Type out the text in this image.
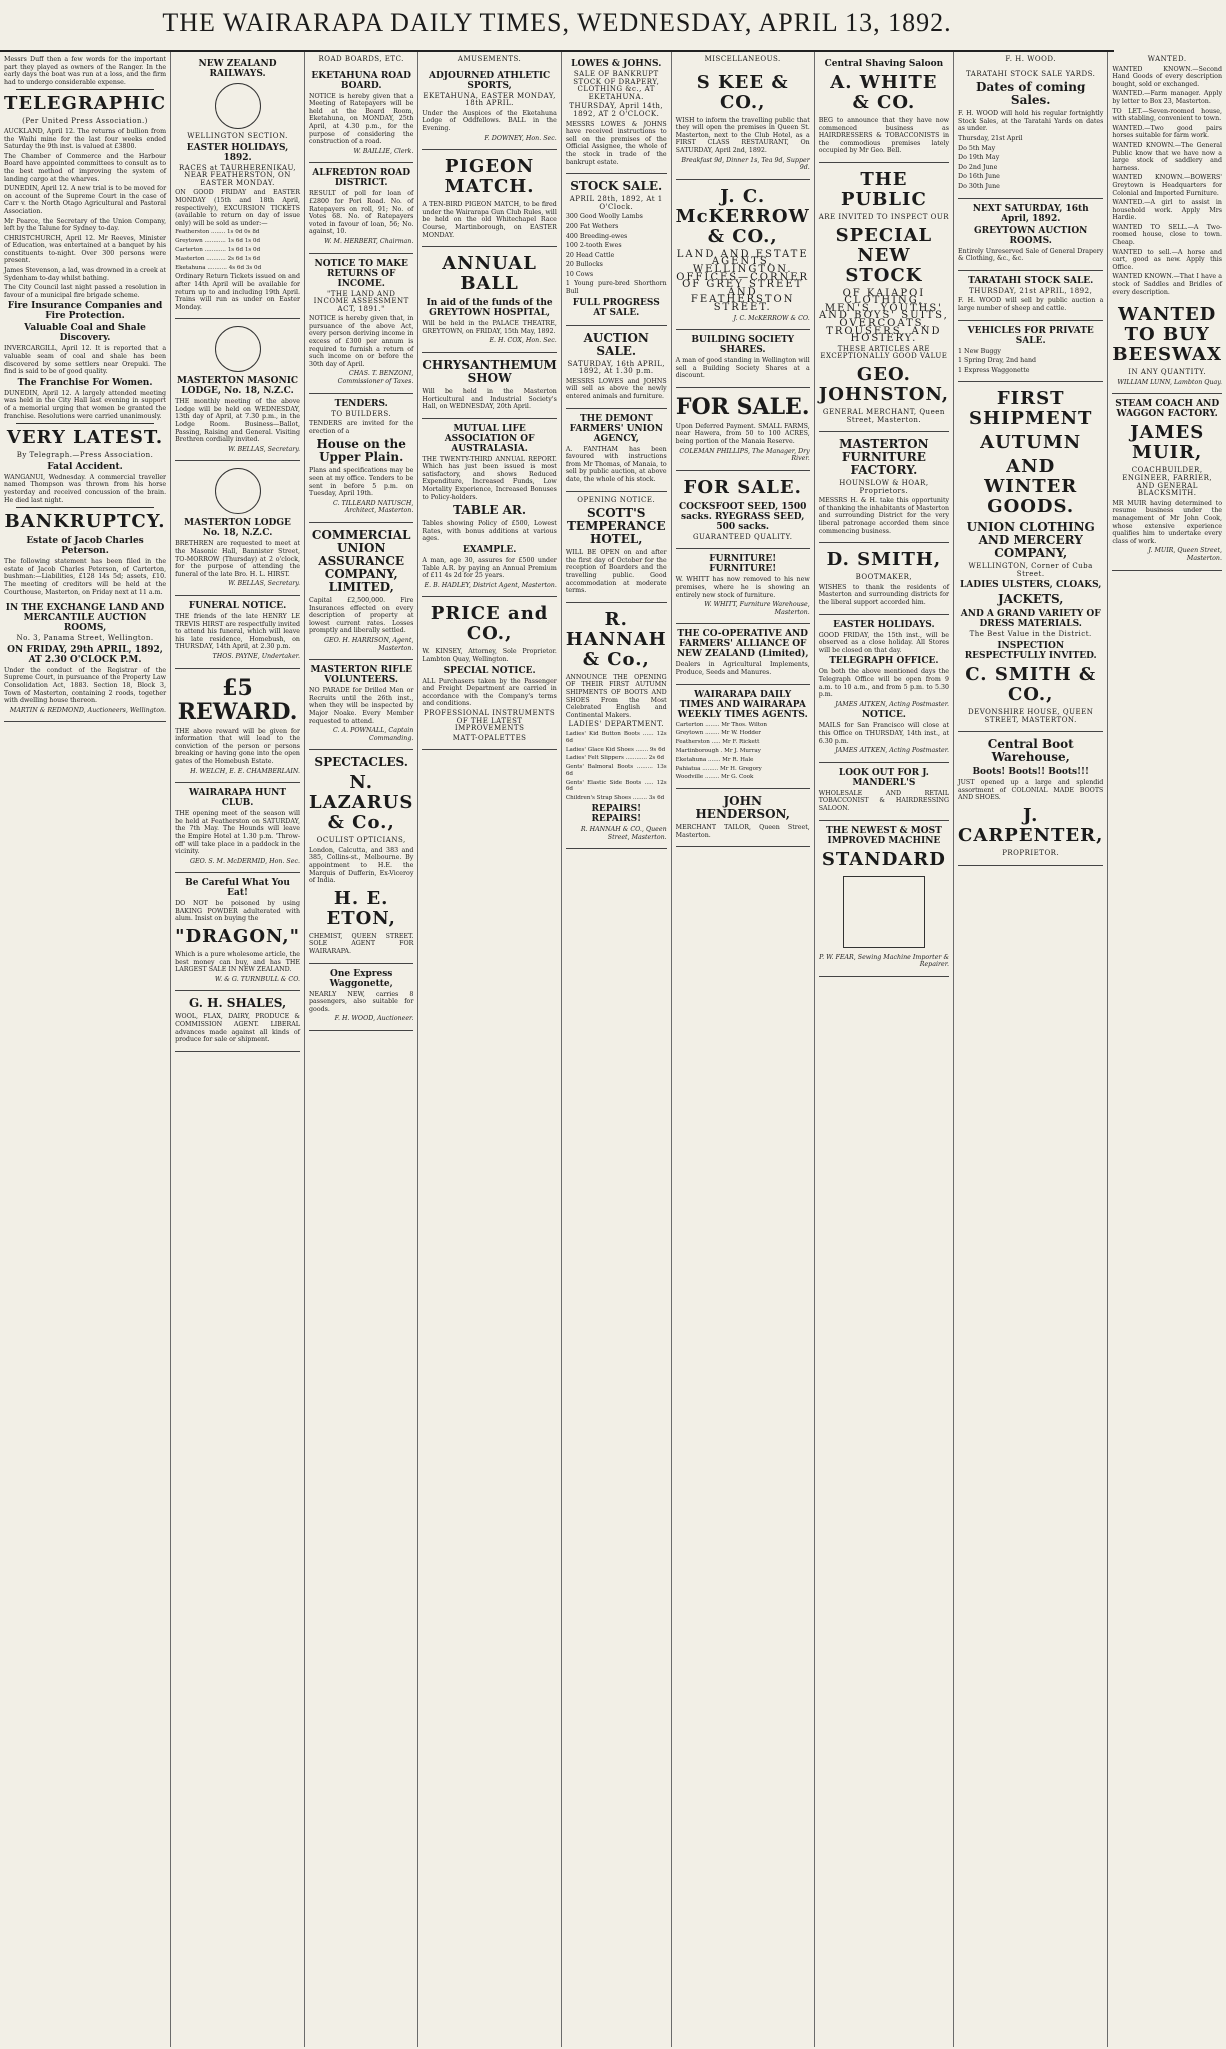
THE WAIRARAPA DAILY TIMES, WEDNESDAY, APRIL 13, 1892.
Messrs Duff then a few words for the important part they played as owners of the Ranger. In the early days the boat was run at a loss, and the firm had to undergo considerable expense.
TELEGRAPHIC
(Per United Press Association.)
AUCKLAND, April 12. The returns of bullion from the Waihi mine for the last four weeks ended Saturday the 9th inst. is valued at £3800.
The Chamber of Commerce and the Harbour Board have appointed committees to consult as to the best method of improving the system of landing cargo at the wharves.
DUNEDIN, April 12. A new trial is to be moved for on account of the Supreme Court in the case of Carr v. the North Otago Agricultural and Pastoral Association.
Mr Pearce, the Secretary of the Union Company, left by the Talune for Sydney to-day.
CHRISTCHURCH, April 12. Mr Reeves, Minister of Education, was entertained at a banquet by his constituents to-night. Over 300 persons were present.
James Stevenson, a lad, was drowned in a creek at Sydenham to-day whilst bathing.
The City Council last night passed a resolution in favour of a municipal fire brigade scheme.
Fire Insurance Companies and Fire Protection.
Valuable Coal and Shale Discovery.
INVERCARGILL, April 12. It is reported that a valuable seam of coal and shale has been discovered by some settlers near Orepuki. The find is said to be of good quality.
The Franchise For Women.
DUNEDIN, April 12. A largely attended meeting was held in the City Hall last evening in support of a memorial urging that women be granted the franchise. Resolutions were carried unanimously.
VERY LATEST.
By Telegraph.—Press Association.
Fatal Accident.
WANGANUI, Wednesday. A commercial traveller named Thompson was thrown from his horse yesterday and received concussion of the brain. He died last night.
BANKRUPTCY.
Estate of Jacob Charles Peterson.
The following statement has been filed in the estate of Jacob Charles Peterson, of Carterton, bushman:—Liabilities, £128 14s 5d; assets, £10. The meeting of creditors will be held at the Courthouse, Masterton, on Friday next at 11 a.m.
IN THE EXCHANGE LAND AND MERCANTILE AUCTION ROOMS,
No. 3, Panama Street, Wellington.
ON FRIDAY, 29th APRIL, 1892, AT 2.30 O'CLOCK P.M.
Under the conduct of the Registrar of the Supreme Court, in pursuance of the Property Law Consolidation Act, 1883. Section 18, Block 3, Town of Masterton, containing 2 roods, together with dwelling house thereon.
MARTIN & REDMOND, Auctioneers, Wellington.
NEW ZEALAND RAILWAYS.
WELLINGTON SECTION.
EASTER HOLIDAYS, 1892.
RACES at TAURHERENIKAU, NEAR FEATHERSTON, ON EASTER MONDAY.
ON GOOD FRIDAY and EASTER MONDAY (15th and 18th April, respectively), EXCURSION TICKETS (available to return on day of issue only) will be sold as under:—
Featherston ........ 1s 0d 0s 8d
Greytown ............ 1s 6d 1s 0d
Carterton ............ 1s 6d 1s 0d
Masterton ........... 2s 6d 1s 6d
Eketahuna ........... 4s 6d 3s 0d
Ordinary Return Tickets issued on and after 14th April will be available for return up to and including 19th April. Trains will run as under on Easter Monday.
MASTERTON MASONIC LODGE, No. 18, N.Z.C.
THE monthly meeting of the above Lodge will be held on WEDNESDAY, 13th day of April, at 7.30 p.m., in the Lodge Room. Business—Ballot, Passing, Raising and General. Visiting Brethren cordially invited.
W. BELLAS, Secretary.
MASTERTON LODGE No. 18, N.Z.C.
BRETHREN are requested to meet at the Masonic Hall, Bannister Street, TO-MORROW (Thursday) at 2 o'clock, for the purpose of attending the funeral of the late Bro. H. L. HIRST.
W. BELLAS, Secretary.
FUNERAL NOTICE.
THE friends of the late HENRY LE TREVIS HIRST are respectfully invited to attend his funeral, which will leave his late residence, Homebush, on THURSDAY, 14th April, at 2.30 p.m.
THOS. PAYNE, Undertaker.
£5 REWARD.
THE above reward will be given for information that will lead to the conviction of the person or persons breaking or having gone into the open gates of the Homebush Estate.
H. WELCH, E. E. CHAMBERLAIN.
WAIRARAPA HUNT CLUB.
THE opening meet of the season will be held at Featherston on SATURDAY, the 7th May. The Hounds will leave the Empire Hotel at 1.30 p.m. 'Throw-off' will take place in a paddock in the vicinity.
GEO. S. M. McDERMID, Hon. Sec.
Be Careful What You Eat!
DO NOT be poisoned by using BAKING POWDER adulterated with alum. Insist on buying the
"DRAGON,"
Which is a pure wholesome article, the best money can buy, and has THE LARGEST SALE IN NEW ZEALAND.
W. & G. TURNBULL & CO.
G. H. SHALES,
WOOL, FLAX, DAIRY, PRODUCE & COMMISSION AGENT. LIBERAL advances made against all kinds of produce for sale or shipment.
ROAD BOARDS, ETC.
EKETAHUNA ROAD BOARD.
NOTICE is hereby given that a Meeting of Ratepayers will be held at the Board Room, Eketahuna, on MONDAY, 25th April, at 4.30 p.m., for the purpose of considering the construction of a road.
W. BAILLIE, Clerk.
ALFREDTON ROAD DISTRICT.
RESULT of poll for loan of £2800 for Pori Road. No. of Ratepayers on roll, 91; No. of Votes 68. No. of Ratepayers voted in favour of loan, 56; No. against, 10.
W. M. HERBERT, Chairman.
NOTICE TO MAKE RETURNS OF INCOME.
"THE LAND AND INCOME ASSESSMENT ACT, 1891."
NOTICE is hereby given that, in pursuance of the above Act, every person deriving income in excess of £300 per annum is required to furnish a return of such income on or before the 30th day of April.
CHAS. T. BENZONI, Commissioner of Taxes.
TENDERS.
TO BUILDERS.
TENDERS are invited for the erection of a
House on the Upper Plain.
Plans and specifications may be seen at my office. Tenders to be sent in before 5 p.m. on Tuesday, April 19th.
C. TILLEARD NATUSCH, Architect, Masterton.
COMMERCIAL UNION ASSURANCE COMPANY, LIMITED,
Capital £2,500,000. Fire Insurances effected on every description of property at lowest current rates. Losses promptly and liberally settled.
GEO. H. HARRISON, Agent, Masterton.
MASTERTON RIFLE VOLUNTEERS.
NO PARADE for Drilled Men or Recruits until the 26th inst., when they will be inspected by Major Noake. Every Member requested to attend.
C. A. POWNALL, Captain Commanding.
SPECTACLES.
N. LAZARUS & Co.,
OCULIST OPTICIANS,
London, Calcutta, and 383 and 385, Collins-st., Melbourne. By appointment to H.E. the Marquis of Dufferin, Ex-Viceroy of India.
H. E. ETON,
CHEMIST, QUEEN STREET. SOLE AGENT FOR WAIRARAPA.
One Express Waggonette,
NEARLY NEW, carries 8 passengers, also suitable for goods.
F. H. WOOD, Auctioneer.
AMUSEMENTS.
ADJOURNED ATHLETIC SPORTS,
EKETAHUNA, EASTER MONDAY, 18th APRIL.
Under the Auspices of the Eketahuna Lodge of Oddfellows. BALL in the Evening.
F. DOWNEY, Hon. Sec.
PIGEON MATCH.
A TEN-BIRD PIGEON MATCH, to be fired under the Wairarapa Gun Club Rules, will be held on the old Whitechapel Race Course, Martinborough, on EASTER MONDAY.
ANNUAL BALL
In aid of the funds of the GREYTOWN HOSPITAL,
Will be held in the PALACE THEATRE, GREYTOWN, on FRIDAY, 15th May, 1892.
E. H. COX, Hon. Sec.
CHRYSANTHEMUM SHOW
Will be held in the Masterton Horticultural and Industrial Society's Hall, on WEDNESDAY, 20th April.
MUTUAL LIFE ASSOCIATION OF AUSTRALASIA.
THE TWENTY-THIRD ANNUAL REPORT. Which has just been issued is most satisfactory, and shows Reduced Expenditure, Increased Funds, Low Mortality Experience, Increased Bonuses to Policy-holders.
TABLE AR.
Tables showing Policy of £500, Lowest Rates, with bonus additions at various ages.
EXAMPLE.
A man, age 30, assures for £500 under Table A.R. by paying an Annual Premium of £11 4s 2d for 25 years.
E. B. HADLEY, District Agent, Masterton.
PRICE and CO.,
W. KINSEY, Attorney, Sole Proprietor. Lambton Quay, Wellington.
SPECIAL NOTICE.
ALL Purchasers taken by the Passenger and Freight Department are carried in accordance with the Company's terms and conditions.
PROFESSIONAL INSTRUMENTS OF THE LATEST IMPROVEMENTS
MATT-OPALETTES
LOWES & JOHNS.
SALE OF BANKRUPT STOCK OF DRAPERY, CLOTHING &c., AT EKETAHUNA.
THURSDAY, April 14th, 1892, AT 2 O'CLOCK.
MESSRS LOWES & JOHNS have received instructions to sell on the premises of the Official Assignee, the whole of the stock in trade of the bankrupt estate.
STOCK SALE.
APRIL 28th, 1892, At 1 O'Clock.
300 Good Woolly Lambs
200 Fat Wethers
400 Breeding-ewes
100 2-tooth Ewes
20 Head Cattle
20 Bullocks
10 Cows
1 Young pure-bred Shorthorn Bull
FULL PROGRESS AT SALE.
AUCTION SALE.
SATURDAY, 16th APRIL, 1892, At 1.30 p.m.
MESSRS LOWES and JOHNS will sell as above the newly entered animals and furniture.
THE DEMONT FARMERS' UNION AGENCY,
A. FANTHAM has been favoured with instructions from Mr Thomas, of Manaia, to sell by public auction, at above date, the whole of his stock.
OPENING NOTICE.
SCOTT'S TEMPERANCE HOTEL,
WILL BE OPEN on and after the first day of October for the reception of Boarders and the travelling public. Good accommodation at moderate terms.
R. HANNAH & Co.,
ANNOUNCE THE OPENING OF THEIR FIRST AUTUMN SHIPMENTS OF BOOTS AND SHOES From the Most Celebrated English and Continental Makers.
LADIES' DEPARTMENT.
Ladies' Kid Button Boots ...... 12s 6d
Ladies' Glace Kid Shoes ....... 9s 6d
Ladies' Felt Slippers ............ 2s 6d
Gents' Balmoral Boots ......... 13s 6d
Gents' Elastic Side Boots ..... 12s 6d
Children's Strap Shoes ........ 3s 6d
REPAIRS! REPAIRS!
R. HANNAH & CO., Queen Street, Masterton.
MISCELLANEOUS.
S KEE & CO.,
WISH to inform the travelling public that they will open the premises in Queen St. Masterton, next to the Club Hotel, as a FIRST CLASS RESTAURANT, On SATURDAY, April 2nd, 1892.
Breakfast 9d, Dinner 1s, Tea 9d, Supper 9d.
J. C. McKERROW & CO.,
LAND AND ESTATE AGENTS, WELLINGTON. OFFICES—CORNER OF GREY STREET AND FEATHERSTON STREET.
J. C. McKERROW & CO.
BUILDING SOCIETY SHARES.
A man of good standing in Wellington will sell a Building Society Shares at a discount.
FOR SALE.
Upon Deferred Payment. SMALL FARMS, near Hawera, from 50 to 100 ACRES, being portion of the Manaia Reserve.
COLEMAN PHILLIPS, The Manager, Dry River.
FOR SALE.
COCKSFOOT SEED, 1500 sacks. RYEGRASS SEED, 500 sacks.
GUARANTEED QUALITY.
FURNITURE! FURNITURE!
W. WHITT has now removed to his new premises, where he is showing an entirely new stock of furniture.
W. WHITT, Furniture Warehouse, Masterton.
THE CO-OPERATIVE AND FARMERS' ALLIANCE OF NEW ZEALAND (Limited),
Dealers in Agricultural Implements, Produce, Seeds and Manures.
WAIRARAPA DAILY TIMES AND WAIRARAPA WEEKLY TIMES AGENTS.
Carterton ........ Mr Thos. Wilton
Greytown ........ Mr W. Hodder
Featherston ..... Mr F. Rickett
Martinborough . Mr J. Murray
Eketahuna ....... Mr R. Hale
Pahiatua ......... Mr H. Gregory
Woodville ........ Mr G. Cook
JOHN HENDERSON,
MERCHANT TAILOR, Queen Street, Masterton.
Central Shaving Saloon
A. WHITE & CO.
BEG to announce that they have now commenced business as HAIRDRESSERS & TOBACCONISTS in the commodious premises lately occupied by Mr Geo. Bell.
THE PUBLIC
ARE INVITED TO INSPECT OUR
SPECIAL NEW STOCK
OF KAIAPOI CLOTHING, MEN'S, YOUTHS' AND BOYS' SUITS, OVERCOATS, TROUSERS, AND HOSIERY.
THESE ARTICLES ARE EXCEPTIONALLY GOOD VALUE
GEO. JOHNSTON,
GENERAL MERCHANT, Queen Street, Masterton.
MASTERTON FURNITURE FACTORY.
HOUNSLOW & HOAR, Proprietors.
MESSRS H. & H. take this opportunity of thanking the inhabitants of Masterton and surrounding District for the very liberal patronage accorded them since commencing business.
D. SMITH,
BOOTMAKER,
WISHES to thank the residents of Masterton and surrounding districts for the liberal support accorded him.
EASTER HOLIDAYS.
GOOD FRIDAY, the 15th inst., will be observed as a close holiday. All Stores will be closed on that day.
TELEGRAPH OFFICE.
On both the above mentioned days the Telegraph Office will be open from 9 a.m. to 10 a.m., and from 5 p.m. to 5.30 p.m.
JAMES AITKEN, Acting Postmaster.
NOTICE.
MAILS for San Francisco will close at this Office on THURSDAY, 14th inst., at 6.30 p.m.
JAMES AITKEN, Acting Postmaster.
LOOK OUT FOR J. MANDERL'S
WHOLESALE AND RETAIL TOBACCONIST & HAIRDRESSING SALOON.
THE NEWEST & MOST IMPROVED MACHINE
STANDARD
P. W. FEAR, Sewing Machine Importer & Repairer.
F. H. WOOD.
TARATAHI STOCK SALE YARDS.
Dates of coming Sales.
F. H. WOOD will hold his regular fortnightly Stock Sales, at the Taratahi Yards on dates as under.
Thursday, 21st April
Do 5th May
Do 19th May
Do 2nd June
Do 16th June
Do 30th June
NEXT SATURDAY, 16th April, 1892.
GREYTOWN AUCTION ROOMS.
Entirely Unreserved Sale of General Drapery & Clothing, &c., &c.
TARATAHI STOCK SALE.
THURSDAY, 21st APRIL, 1892,
F. H. WOOD will sell by public auction a large number of sheep and cattle.
VEHICLES FOR PRIVATE SALE.
1 New Buggy
1 Spring Dray, 2nd hand
1 Express Waggonette
FIRST SHIPMENT
AUTUMN
AND WINTER GOODS.
UNION CLOTHING AND MERCERY COMPANY,
WELLINGTON, Corner of Cuba Street.
LADIES ULSTERS, CLOAKS,
JACKETS,
AND A GRAND VARIETY OF DRESS MATERIALS.
The Best Value in the District.
INSPECTION RESPECTFULLY INVITED.
C. SMITH & CO.,
DEVONSHIRE HOUSE, QUEEN STREET, MASTERTON.
Central Boot Warehouse,
Boots! Boots!! Boots!!!
JUST opened up a large and splendid assortment of COLONIAL MADE BOOTS AND SHOES.
J. CARPENTER,
PROPRIETOR.
WANTED.
WANTED KNOWN.—Second Hand Goods of every description bought, sold or exchanged.
WANTED.—Farm manager. Apply by letter to Box 23, Masterton.
TO LET.—Seven-roomed house, with stabling, convenient to town.
WANTED.—Two good pairs horses suitable for farm work.
WANTED KNOWN.—The General Public know that we have now a large stock of saddlery and harness.
WANTED KNOWN.—BOWERS' Greytown is Headquarters for Colonial and Imported Furniture.
WANTED.—A girl to assist in household work. Apply Mrs Hardie.
WANTED TO SELL.—A Two-roomed house, close to town. Cheap.
WANTED to sell.—A horse and cart, good as new. Apply this Office.
WANTED KNOWN.—That I have a stock of Saddles and Bridles of every description.
WANTED TO BUY BEESWAX
IN ANY QUANTITY.
WILLIAM LUNN, Lambton Quay.
STEAM COACH AND WAGGON FACTORY.
JAMES MUIR,
COACHBUILDER, ENGINEER, FARRIER, AND GENERAL BLACKSMITH.
MR MUIR having determined to resume business under the management of Mr John Cook, whose extensive experience qualifies him to undertake every class of work.
J. MUIR, Queen Street, Masterton.
